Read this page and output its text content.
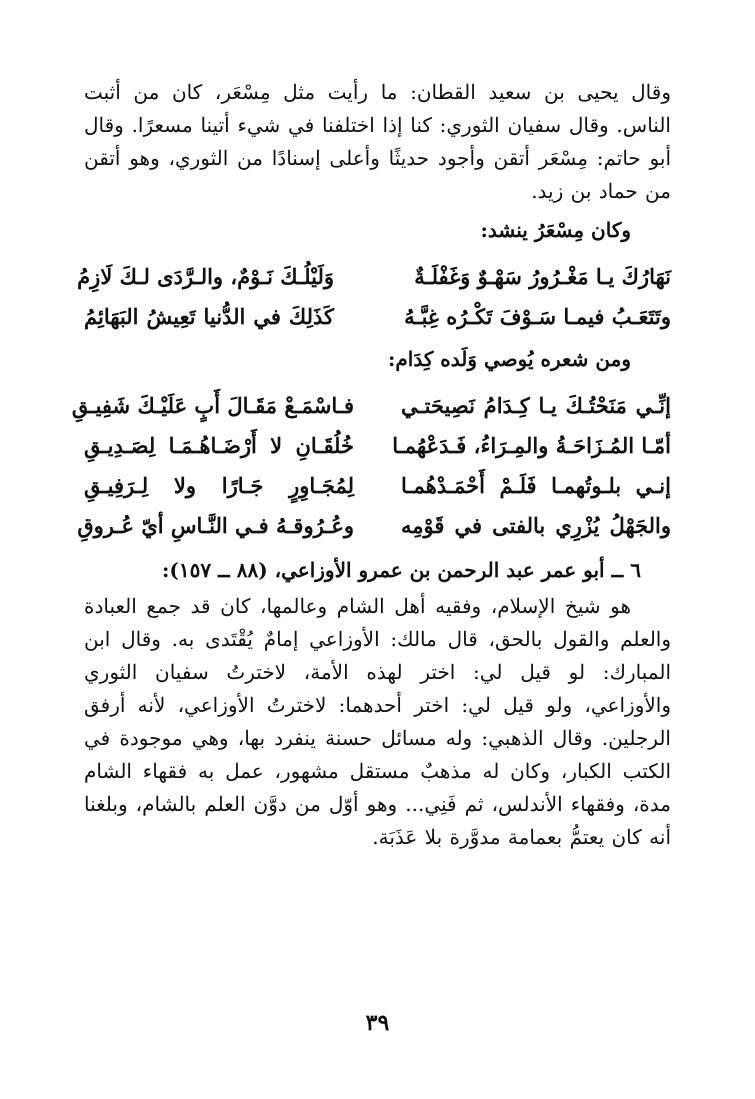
وقال يحيى بن سعيد القطان: ما رأيت مثل مِسْعَر، كان من أثبت الناس. وقال سفيان الثوري: كنا إذا اختلفنا في شيء أتينا مسعرًا. وقال أبو حاتم: مِسْعَر أتقن وأجود حديثًا وأعلى إسنادًا من الثوري، وهو أتقن من حماد بن زيد.

وكان مِسْعَرُ ينشد:
نَهَارُكَ يـا مَغْـرُورُ سَهْـوٌ وَغَفْلَـةٌ
وَلَيْلُـكَ نَـوْمٌ، والـرَّدَى لـكَ لَازِمُ
وتَتَعَـبُ فيمـا سَـوْفَ تَكْـرُه غِبَّـهُ
كَذَلِكَ في الدُّنيا تَعِيشُ البَهَائِمُ
ومن شعره يُوصي وَلَده كِدَام:
إنِّـي مَنَحْتُـكَ يـا كِـدَامُ نَصِيحَتـي
فـاسْمَـعْ مَقَـالَ أَبٍ عَلَيْـكَ شَفِيـقِ
أمّـا المُـزَاحَـةُ والمِـرَاءُ، فَـدَعْهُمـا
خُلُقَـانِ لا أَرْضَـاهُـمَـا لِصَـدِيـقِ
إنـي بلـوتُهمـا فَلَـمْ أَحْمَـدْهُمـا
لِمُجَـاوِرٍ جَـارًا ولا لِـرَفِيـقِ
والجَهْلُ يُزْرِي بالفتى في قَوْمِه
وعُـرُوقـهُ فـي النَّـاسِ أيّ عُـروقِ
٦ ــ أبو عمر عبد الرحمن بن عمرو الأوزاعي، (٨٨ ــ ١٥٧):

هو شيخ الإسلام، وفقيه أهل الشام وعالمها، كان قد جمع العبادة والعلم والقول بالحق، قال مالك: الأوزاعي إمامٌ يُقْتَدى به. وقال ابن المبارك: لو قيل لي: اختر لهذه الأمة، لاخترتُ سفيان الثوري والأوزاعي، ولو قيل لي: اختر أحدهما: لاخترتُ الأوزاعي، لأنه أرفق الرجلين. وقال الذهبي: وله مسائل حسنة ينفرد بها، وهي موجودة في الكتب الكبار، وكان له مذهبٌ مستقل مشهور، عمل به فقهاء الشام مدة، وفقهاء الأندلس، ثم فَنِي... وهو أوّل من دوَّن العلم بالشام، وبلغنا أنه كان يعتمُّ بعمامة مدوَّرة بلا عَذَبَة.

٣٩
